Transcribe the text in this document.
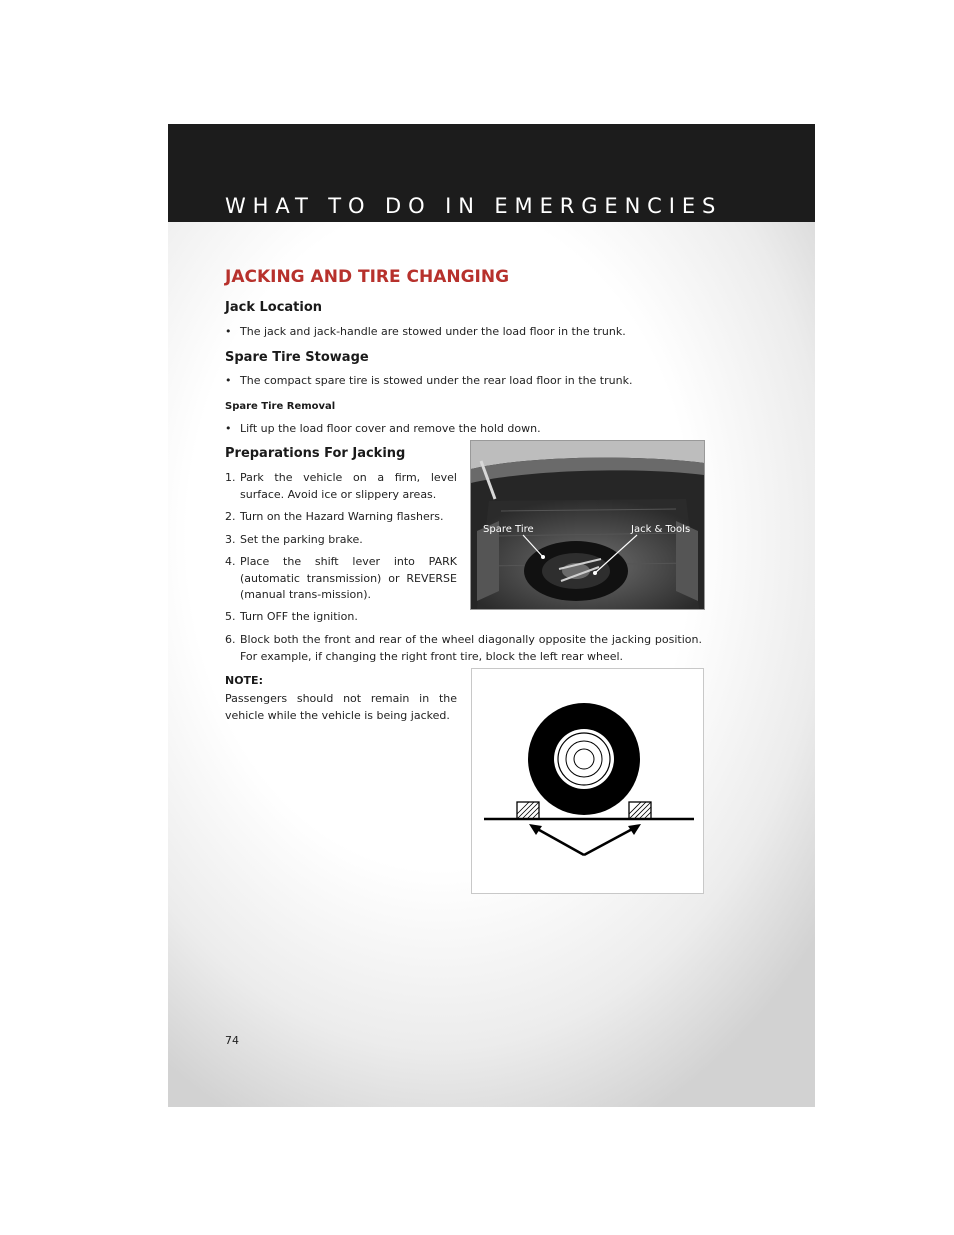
WHAT TO DO IN EMERGENCIES
JACKING AND TIRE CHANGING
Jack Location
• The jack and jack-handle are stowed under the load floor in the trunk.
Spare Tire Stowage
• The compact spare tire is stowed under the rear load floor in the trunk.
Spare Tire Removal
• Lift up the load floor cover and remove the hold down.
Preparations For Jacking
1. Park the vehicle on a firm, level surface. Avoid ice or slippery areas.
2. Turn on the Hazard Warning flashers.
3. Set the parking brake.
4. Place the shift lever into PARK (automatic transmission) or REVERSE (manual trans-mission).
5. Turn OFF the ignition.
6. Block both the front and rear of the wheel diagonally opposite the jacking position. For example, if changing the right front tire, block the left rear wheel.
NOTE:
Passengers should not remain in the vehicle while the vehicle is being jacked.
Spare Tire	Jack & Tools
74
